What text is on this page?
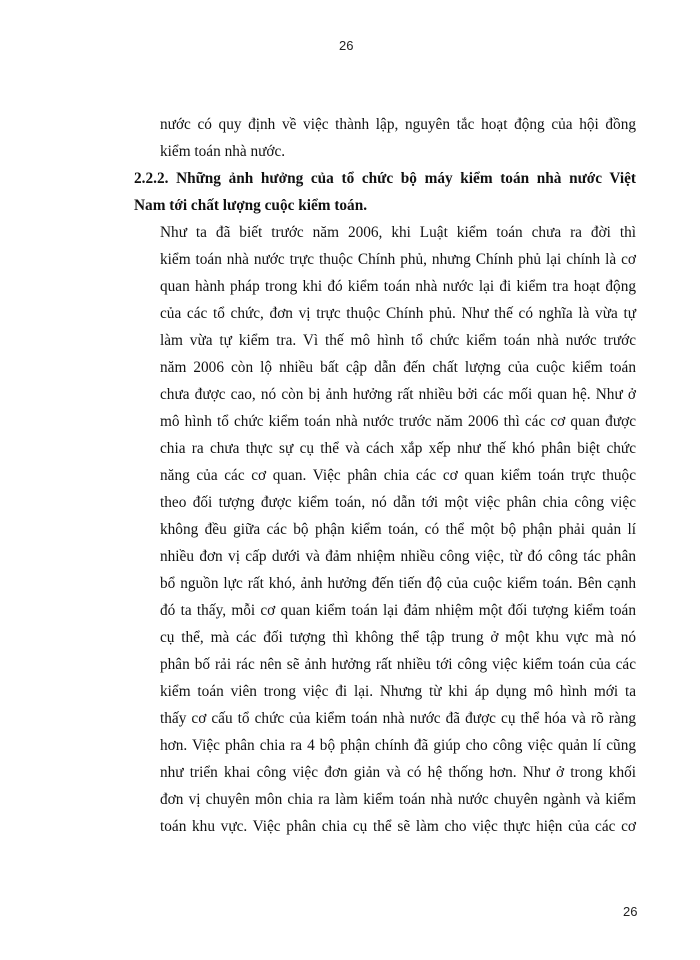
26
nước có quy định về việc thành lập, nguyên tắc hoạt động của hội đồng
kiểm toán nhà nước.
2.2.2. Những ảnh hưởng của tổ chức bộ máy kiểm toán nhà nước Việt
Nam tới chất lượng cuộc kiểm toán.
Như ta đã biết trước năm 2006, khi Luật kiểm toán chưa ra đời thì
kiểm toán nhà nước trực thuộc Chính phủ, nhưng Chính phủ lại chính là cơ
quan hành pháp trong khi đó kiểm toán nhà nước lại đi kiểm tra hoạt động
của các tổ chức, đơn vị trực thuộc Chính phủ. Như thế có nghĩa là vừa tự
làm vừa tự kiểm tra. Vì thế mô hình tổ chức kiểm toán nhà nước trước
năm 2006 còn lộ nhiều bất cập dẫn đến chất lượng của cuộc kiểm toán
chưa được cao, nó còn bị ảnh hưởng rất nhiều bởi các mối quan hệ. Như ở
mô hình tổ chức kiểm toán nhà nước trước năm 2006 thì các cơ quan được
chia ra chưa thực sự cụ thể và cách xắp xếp như thế khó phân biệt chức
năng của các cơ quan. Việc phân chia các cơ quan kiểm toán trực thuộc
theo đối tượng được kiểm toán, nó dẫn tới một việc phân chia công việc
không đều giữa các bộ phận kiểm toán, có thể một bộ phận phải quản lí
nhiều đơn vị cấp dưới và đảm nhiệm nhiều công việc, từ đó công tác phân
bổ nguồn lực rất khó, ảnh hưởng đến tiến độ của cuộc kiểm toán. Bên cạnh
đó ta thấy, mỗi cơ quan kiểm toán lại đảm nhiệm một đối tượng kiểm toán
cụ thể, mà các đối tượng thì không thể tập trung ở một khu vực mà nó
phân bố rải rác nên sẽ ảnh hưởng rất nhiều tới công việc kiểm toán của các
kiểm toán viên trong việc đi lại. Nhưng từ khi áp dụng mô hình mới ta
thấy cơ cấu tổ chức của kiểm toán nhà nước đã được cụ thể hóa và rõ ràng
hơn. Việc phân chia ra 4 bộ phận chính đã giúp cho công việc quản lí cũng
như triển khai công việc đơn giản và có hệ thống hơn. Như ở trong khối
đơn vị chuyên môn chia ra làm kiểm toán nhà nước chuyên ngành và kiểm
toán khu vực. Việc phân chia cụ thể sẽ làm cho việc thực hiện của các cơ
26
